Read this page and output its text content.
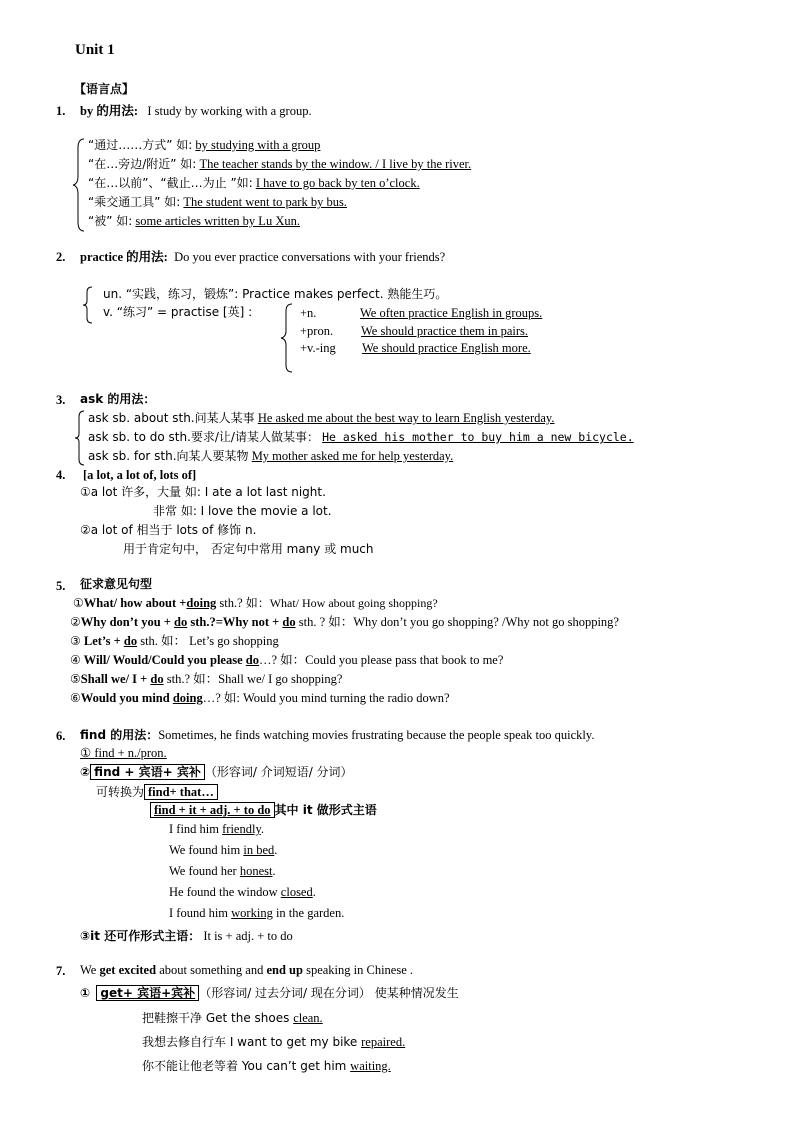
Unit 1
【语言点】
1. by 的用法: I study by working with a group.
“通过……方式” 如: by studying with a group
“在…旁边/附近” 如: The teacher stands by the window. / I live by the river.
“在…以前”、“截止…为止 ”如: I have to go back by ten o’clock.
“乘交通工具” 如: The student went to park by bus.
“被” 如: some articles written by Lu Xun.
2. practice 的用法: Do you ever practice conversations with your friends?
un. “实践，练习，锻炼”: Practice makes perfect. 熟能生巧。
v. “练习” = practise [英] :	+n.	We often practice English in groups.
+pron. We should practice them in pairs.
+v.-ing We should practice English more.
3. ask 的用法：
ask sb. about sth.问某人某事 He asked me about the best way to learn English yesterday.
ask sb. to do sth.要求/让/请某人做某事： He asked his mother to buy him a new bicycle.
ask sb. for sth.向某人要某物 My mother asked me for help yesterday.
4. [a lot, a lot of, lots of]
①a lot 许多，大量 如: I ate a lot last night.
非常 如: I love the movie a lot.
②a lot of 相当于 lots of 修饰 n.
用于肯定句中， 否定句中常用 many 或 much
5. 征求意见句型
①What/ how about +doing sth.? 如：What/ How about going shopping?
②Why don’t you + do sth.?=Why not + do sth. ? 如：Why don’t you go shopping? /Why not go shopping?
③ Let’s + do sth. 如： Let’s go shopping
④ Will/ Would/Could you please do…? 如：Could you please pass that book to me?
⑤Shall we/ I + do sth.? 如：Shall we/ I go shopping?
⑥Would you mind doing…? 如: Would you mind turning the radio down?
6. find 的用法：Sometimes, he finds watching movies frustrating because the people speak too quickly.
① find + n./pron.
② find + 宾语+ 宾补 （形容词/ 介词短语/ 分词）
可转换为 find+ that…
find + it + adj. + to do 其中 it 做形式主语
I find him friendly.
We found him in bed.
We found her honest.
He found the window closed.
I found him working in the garden.
③it 还可作形式主语： It is + adj. + to do
7. We get excited about something and end up speaking in Chinese .
① get+ 宾语+宾补 （形容词/ 过去分词/ 现在分词） 使某种情况发生
把鞋擦干净 Get the shoes clean.
我想去修自行车 I want to get my bike repaired.
你不能让他老等着 You can’t get him waiting.
